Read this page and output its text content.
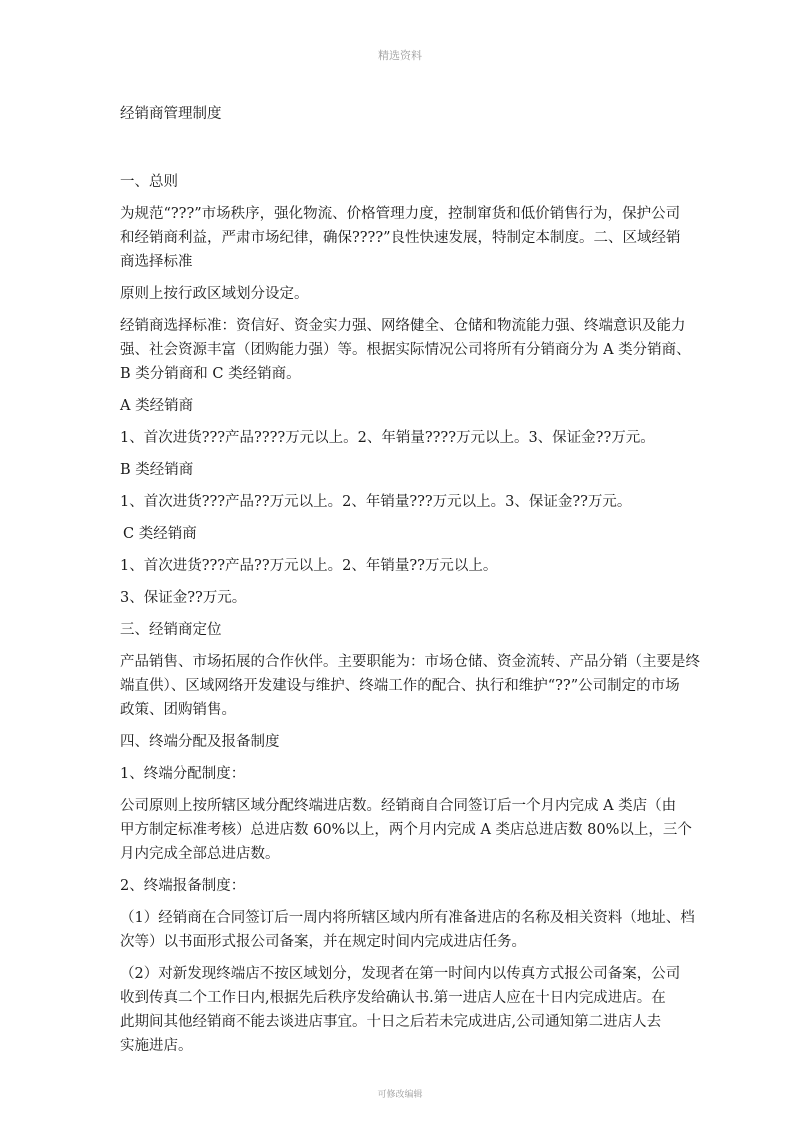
精选资料

经销商管理制度

一、总则

为规范“???”市场秩序，强化物流、价格管理力度，控制窜货和低价销售行为，保护公司
和经销商利益，严肃市场纪律，确保????”良性快速发展，特制定本制度。二、区域经销
商选择标准

原则上按行政区域划分设定。

经销商选择标准：资信好、资金实力强、网络健全、仓储和物流能力强、终端意识及能力
强、社会资源丰富（团购能力强）等。根据实际情况公司将所有分销商分为 A 类分销商、
B 类分销商和 C 类经销商。

A 类经销商

1、首次进货???产品????万元以上。2、年销量????万元以上。3、保证金??万元。

B 类经销商

1、首次进货???产品??万元以上。2、年销量???万元以上。3、保证金??万元。

C 类经销商

1、首次进货???产品??万元以上。2、年销量??万元以上。

3、保证金??万元。

三、经销商定位

产品销售、市场拓展的合作伙伴。主要职能为：市场仓储、资金流转、产品分销（主要是终
端直供）、区域网络开发建设与维护、终端工作的配合、执行和维护“??”公司制定的市场
政策、团购销售。

四、终端分配及报备制度

1、终端分配制度：

公司原则上按所辖区域分配终端进店数。经销商自合同签订后一个月内完成 A 类店（由
甲方制定标准考核）总进店数 60%以上，两个月内完成 A 类店总进店数 80%以上，三个
月内完成全部总进店数。

2、终端报备制度：

（1）经销商在合同签订后一周内将所辖区域内所有准备进店的名称及相关资料（地址、档
次等）以书面形式报公司备案，并在规定时间内完成进店任务。

（2）对新发现终端店不按区域划分，发现者在第一时间内以传真方式报公司备案，公司
收到传真二个工作日内,根据先后秩序发给确认书.第一进店人应在十日内完成进店。在
此期间其他经销商不能去谈进店事宜。十日之后若未完成进店,公司通知第二进店人去
实施进店。

可修改编辑
